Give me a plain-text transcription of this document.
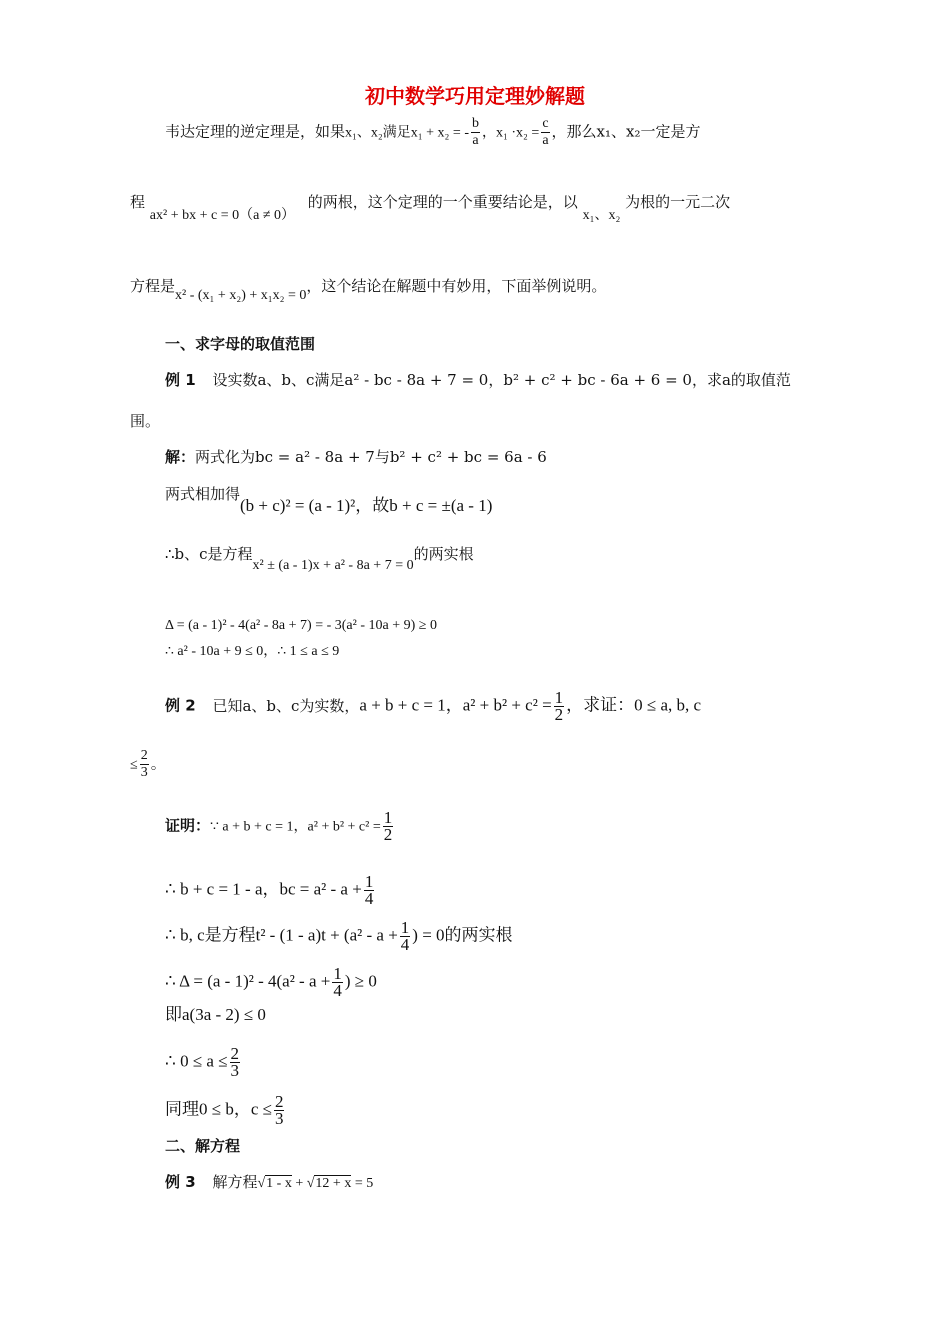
初中数学巧用定理妙解题
韦达定理的逆定理是，如果x₁、x₂满足x₁ + x₂ = - $\frac{b}{a}$ ，$x_1 \cdot x_2 = \frac{c}{a}$ ，那么x₁、x₂一定是方
程 ax² + bx + c = 0（a ≠ 0） 的两根，这个定理的一个重要结论是，以 x₁、x₂ 为根的一元二次
方程是x² - (x₁ + x₂) + x₁x₂ = 0，这个结论在解题中有妙用，下面举例说明。
一、求字母的取值范围
例 1 设实数a、b、c满足a² - bc - 8a + 7 = 0，b² + c² + bc - 6a + 6 = 0，求a的取值范
围。
解：两式化为bc = a² - 8a + 7与b² + c² + bc = 6a - 6
两式相加得(b + c)² = (a - 1)²，故b + c = ±(a - 1)
∴b、c是方程x² ± (a - 1)x + a² - 8a + 7 = 0的两实根
Δ = (a - 1)² - 4(a² - 8a + 7) = - 3(a² - 10a + 9) ≥ 0
∴ a² - 10a + 9 ≤ 0，∴ 1 ≤ a ≤ 9
例 2 已知a、b、c为实数，a + b + c = 1，$a^2 + b^2 + c^2 = \frac{1}{2}$ ，求证：0 ≤ a, b, c
≤ $\frac{2}{3}$ 。
证明：∵ a + b + c = 1，$a^2 + b^2 + c^2 = \frac{1}{2}$
∴ b + c = 1 - a，bc = $a^2 - a + \frac{1}{4}$
∴ b, c是方程$t^2 - (1 - a)t + (a^2 - a + \frac{1}{4}$ ) = 0的两实根
∴ $\Delta = (a - 1)^2 - 4(a^2 - a + \frac{1}{4}$ ) ≥ 0
即a(3a - 2) ≤ 0
∴ $0 \le a \le \frac{2}{3}$
同理0 ≤ b，$c \le \frac{2}{3}$
二、解方程
例 3 解方程√1 - x + √12 + x = 5
